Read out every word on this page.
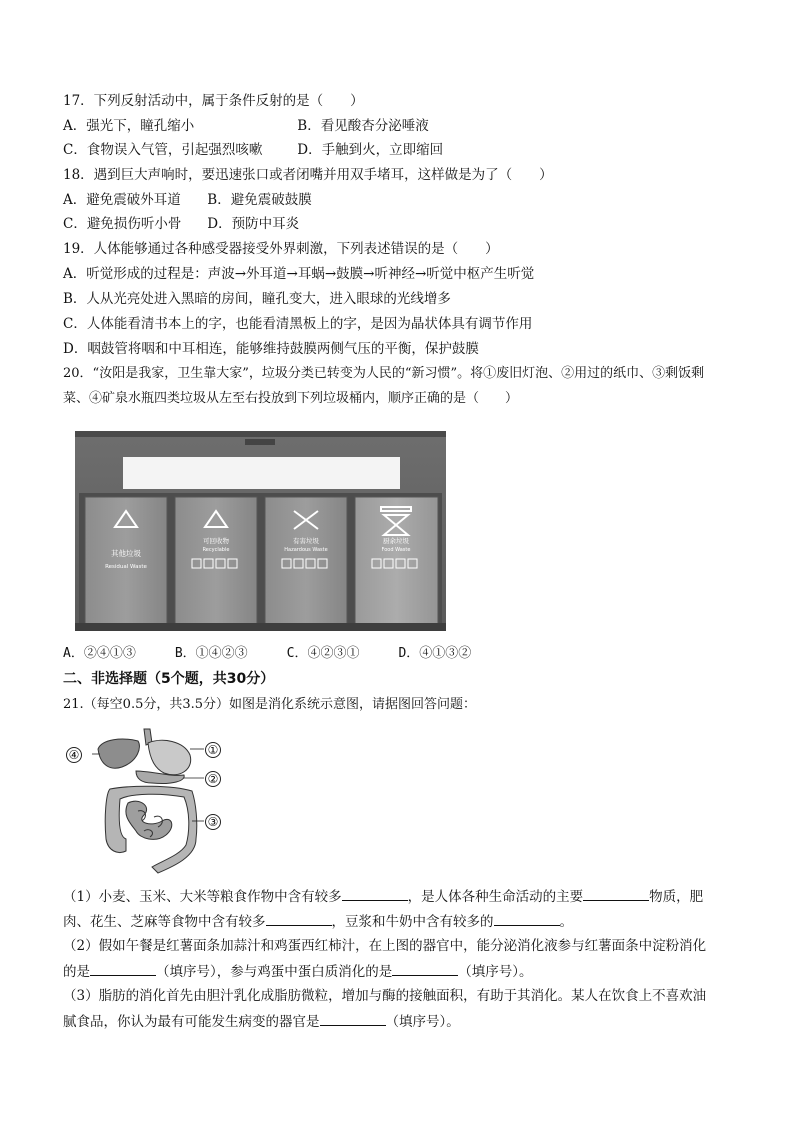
17．下列反射活动中，属于条件反射的是（　　）
A．强光下，瞳孔缩小	B．看见酸杏分泌唾液
C．食物误入气管，引起强烈咳嗽	D．手触到火，立即缩回
18．遇到巨大声响时，要迅速张口或者闭嘴并用双手堵耳，这样做是为了（　　）
A．避免震破外耳道 B．避免震破鼓膜
C．避免损伤听小骨 D．预防中耳炎
19．人体能够通过各种感受器接受外界刺激，下列表述错误的是（　　）
A．听觉形成的过程是：声波→外耳道→耳蜗→鼓膜→听神经→听觉中枢产生听觉
B．人从光亮处进入黑暗的房间，瞳孔变大，进入眼球的光线增多
C．人体能看清书本上的字，也能看清黑板上的字，是因为晶状体具有调节作用
D．咽鼓管将咽和中耳相连，能够维持鼓膜两侧气压的平衡，保护鼓膜
20．“汝阳是我家，卫生靠大家”，垃圾分类已转变为人民的“新习惯”。将①废旧灯泡、②用过的纸巾、③剩饭剩
菜、④矿泉水瓶四类垃圾从左至右投放到下列垃圾桶内，顺序正确的是（　　）
其他垃圾
Residual Waste
可回收物
Recyclable
有害垃圾
Hazardous Waste
厨余垃圾
Food Waste
A．②④①③	B．①④②③	C．④②③①	D．④①③②
二、非选择题（5个题，共30分）
21.（每空0.5分，共3.5分）如图是消化系统示意图，请据图回答问题：
④	①
②
③
（1）小麦、玉米、大米等粮食作物中含有较多	，是人体各种生命活动的主要	物质，肥
肉、花生、芝麻等食物中含有较多	，豆浆和牛奶中含有较多的	。
（2）假如午餐是红薯面条加蒜汁和鸡蛋西红柿汁，在上图的器官中，能分泌消化液参与红薯面条中淀粉消化
的是	（填序号），参与鸡蛋中蛋白质消化的是	（填序号）。
（3）脂肪的消化首先由胆汁乳化成脂肪微粒，增加与酶的接触面积，有助于其消化。某人在饮食上不喜欢油
腻食品，你认为最有可能发生病变的器官是	（填序号）。
